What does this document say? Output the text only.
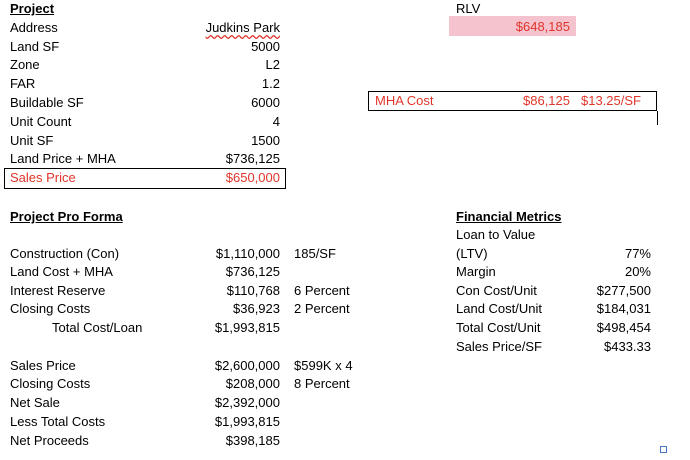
Project
Address	Judkins Park
Land SF	5000
Zone	L2
FAR	1.2
Buildable SF	6000
Unit Count	4
Unit SF	1500
Land Price + MHA	$736,125
Sales Price	$650,000
RLV
$648,185
MHA Cost	$86,125 $13.25/SF
Project Pro Forma
Construction (Con)	$1,110,000 185/SF
Land Cost + MHA	$736,125
Interest Reserve	$110,768 6 Percent
Closing Costs	$36,923 2 Percent
Total Cost/Loan	$1,993,815
Sales Price	$2,600,000 $599K x 4
Closing Costs	$208,000 8 Percent
Net Sale	$2,392,000
Less Total Costs	$1,993,815
Net Proceeds	$398,185
Financial Metrics
Loan to Value
(LTV)	77%
Margin	20%
Con Cost/Unit	$277,500
Land Cost/Unit	$184,031
Total Cost/Unit	$498,454
Sales Price/SF	$433.33
